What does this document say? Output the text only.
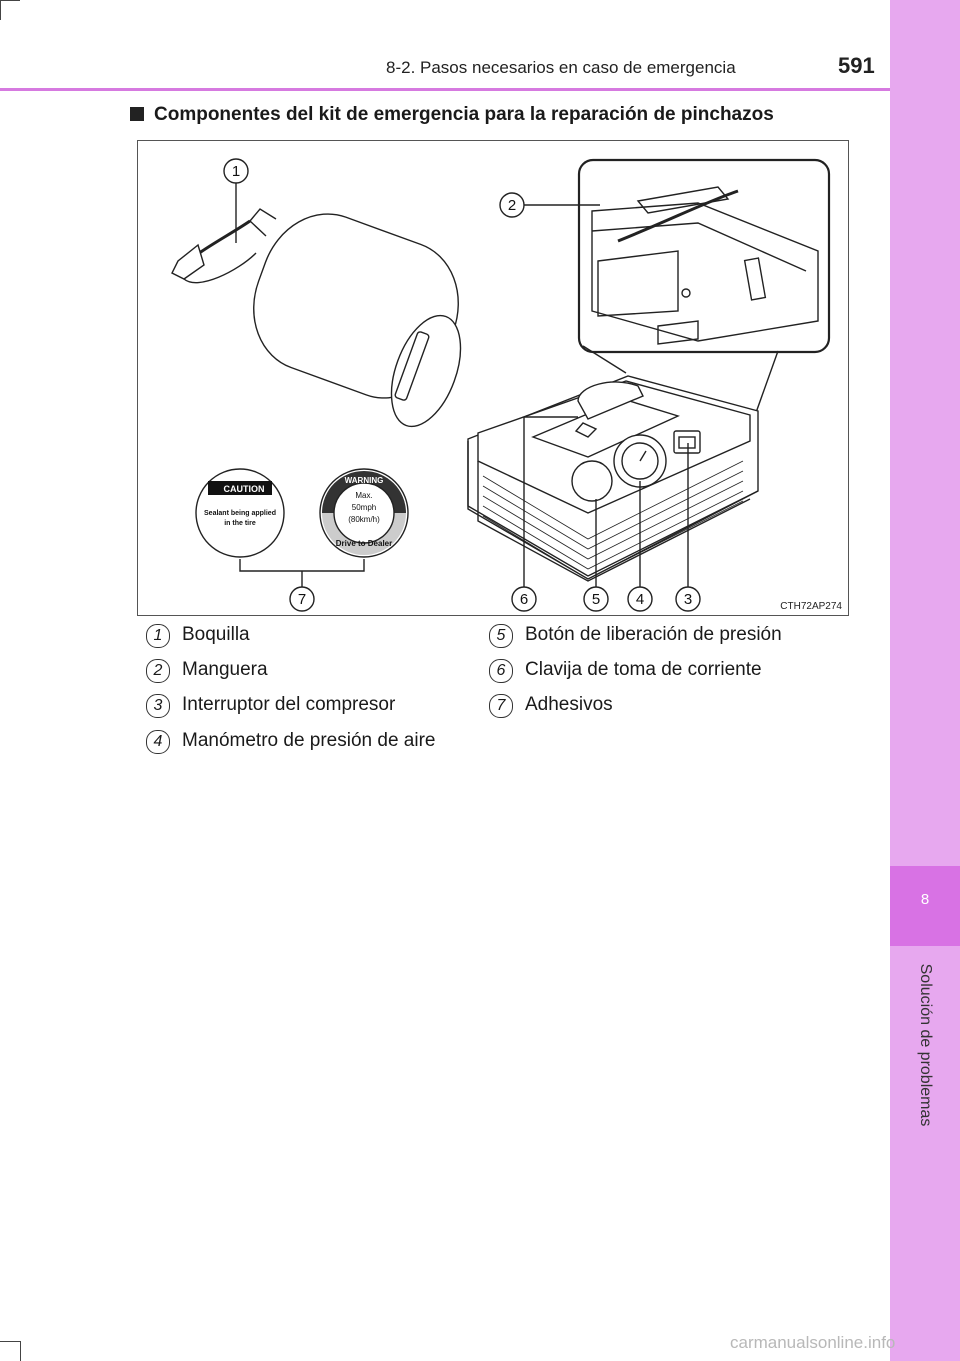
8
Solución de problemas
8-2. Pasos necesarios en caso de emergencia	591
Componentes del kit de emergencia para la reparación de pinchazos
1
2
3
4
5
6
7
CAUTION
Sealant being applied
in the tire
WARNING
Max.
50mph
(80km/h)
Drive to Dealer
CTH72AP274
1 Boquilla
2 Manguera
3 Interruptor del compresor
4 Manómetro de presión de aire
5 Botón de liberación de presión
6 Clavija de toma de corriente
7 Adhesivos
carmanualsonline.info
